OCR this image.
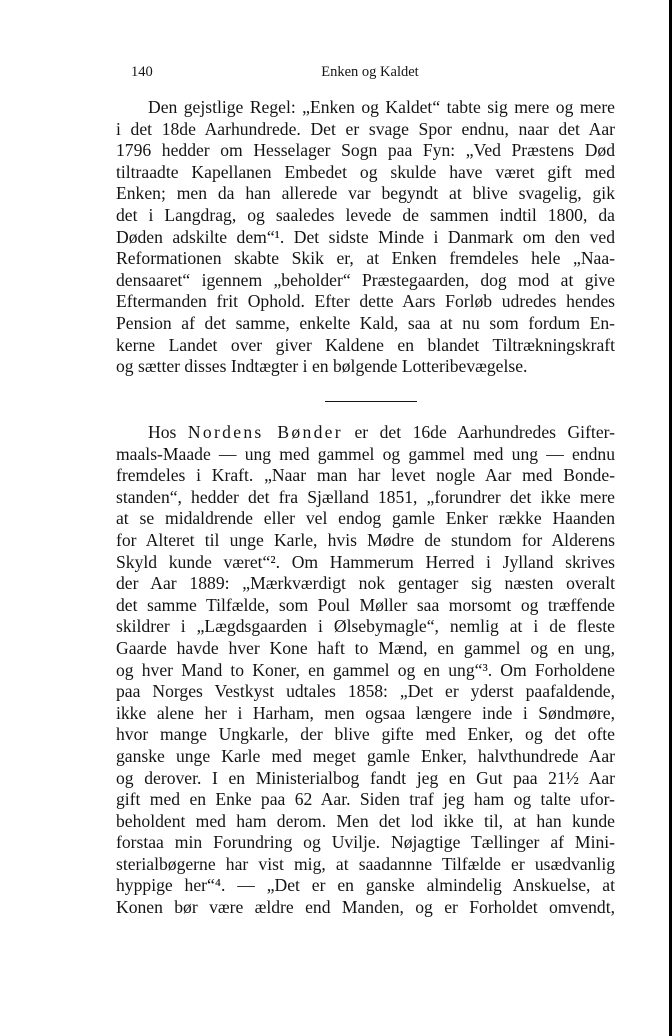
140	Enken og Kaldet
Den gejstlige Regel: „Enken og Kaldet“ tabte sig mere og mere
i det 18de Aarhundrede. Det er svage Spor endnu, naar det Aar
1796 hedder om Hesselager Sogn paa Fyn: „Ved Præstens Død
tiltraadte Kapellanen Embedet og skulde have været gift med
Enken; men da han allerede var begyndt at blive svagelig, gik
det i Langdrag, og saaledes levede de sammen indtil 1800, da
Døden adskilte dem“¹. Det sidste Minde i Danmark om den ved
Reformationen skabte Skik er, at Enken fremdeles hele „Naa-
densaaret“ igennem „beholder“ Præstegaarden, dog mod at give
Eftermanden frit Ophold. Efter dette Aars Forløb udredes hendes
Pension af det samme, enkelte Kald, saa at nu som fordum En-
kerne Landet over giver Kaldene en blandet Tiltrækningskraft
og sætter disses Indtægter i en bølgende Lotteribevægelse.
Hos Nordens Bønder er det 16de Aarhundredes Gifter-
maals-Maade — ung med gammel og gammel med ung — endnu
fremdeles i Kraft. „Naar man har levet nogle Aar med Bonde-
standen“, hedder det fra Sjælland 1851, „forundrer det ikke mere
at se midaldrende eller vel endog gamle Enker række Haanden
for Alteret til unge Karle, hvis Mødre de stundom for Alderens
Skyld kunde været“². Om Hammerum Herred i Jylland skrives
der Aar 1889: „Mærkværdigt nok gentager sig næsten overalt
det samme Tilfælde, som Poul Møller saa morsomt og træffende
skildrer i „Lægdsgaarden i Ølsebymagle“, nemlig at i de fleste
Gaarde havde hver Kone haft to Mænd, en gammel og en ung,
og hver Mand to Koner, en gammel og en ung“³. Om Forholdene
paa Norges Vestkyst udtales 1858: „Det er yderst paafaldende,
ikke alene her i Harham, men ogsaa længere inde i Søndmøre,
hvor mange Ungkarle, der blive gifte med Enker, og det ofte
ganske unge Karle med meget gamle Enker, halvthundrede Aar
og derover. I en Ministerialbog fandt jeg en Gut paa 21½ Aar
gift med en Enke paa 62 Aar. Siden traf jeg ham og talte ufor-
beholdent med ham derom. Men det lod ikke til, at han kunde
forstaa min Forundring og Uvilje. Nøjagtige Tællinger af Mini-
sterialbøgerne har vist mig, at saadannne Tilfælde er usædvanlig
hyppige her“⁴. — „Det er en ganske almindelig Anskuelse, at
Konen bør være ældre end Manden, og er Forholdet omvendt,
